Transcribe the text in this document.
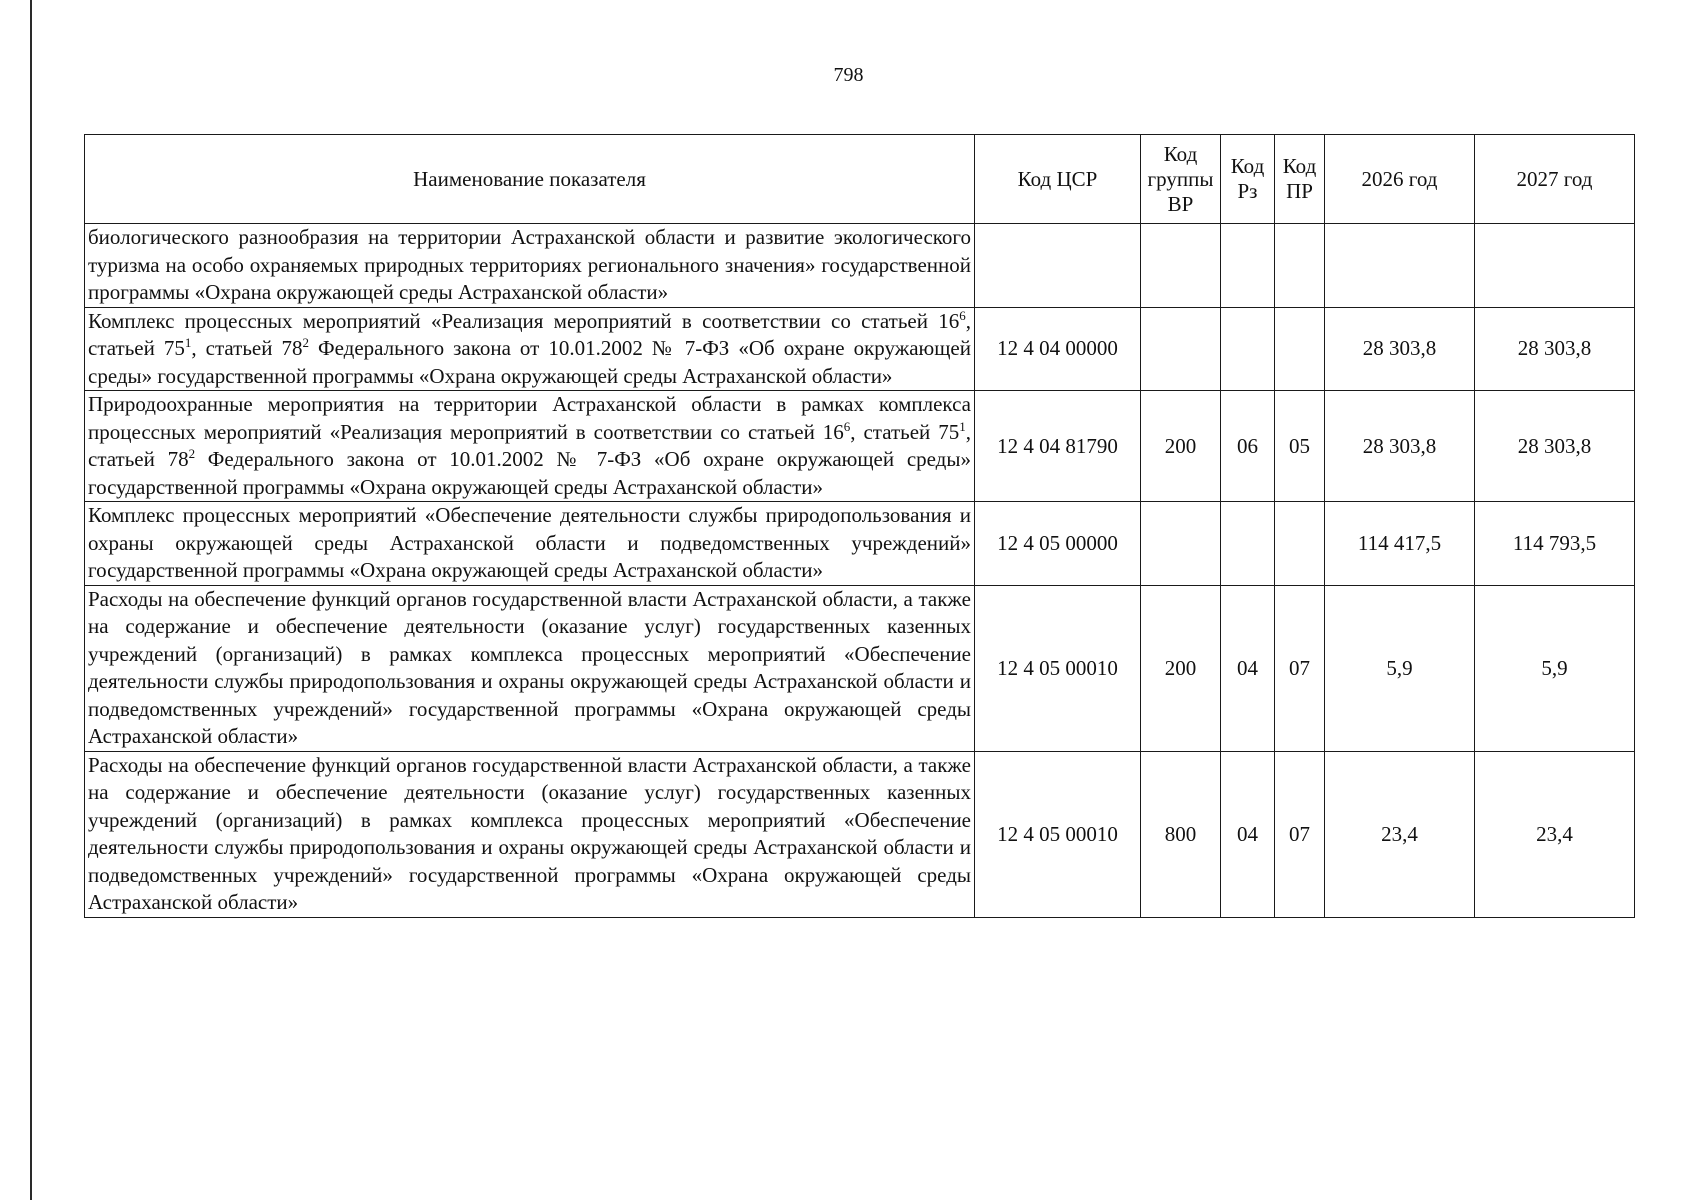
798
Наименование показателя	Код ЦСР	Код группы ВР	Код Рз	Код ПР	2026 год	2027 год
биологического разнообразия на территории Астраханской области и развитие экологического туризма на особо охраняемых природных территориях регионального значения» государственной программы «Охрана окружающей среды Астраханской области»						
Комплекс процессных мероприятий «Реализация мероприятий в соответствии со статьей $16^6$, статьей $75^1$, статьей $78^2$ Федерального закона от 10.01.2002 № 7-ФЗ «Об охране окружающей среды» государственной программы «Охрана окружающей среды Астраханской области»	12 4 04 00000				28 303,8	28 303,8
Природоохранные мероприятия на территории Астраханской области в рамках комплекса процессных мероприятий «Реализация мероприятий в соответствии со статьей $16^6$, статьей $75^1$, статьей $78^2$ Федерального закона от 10.01.2002 № 7-ФЗ «Об охране окружающей среды» государственной программы «Охрана окружающей среды Астраханской области»	12 4 04 81790	200	06	05	28 303,8	28 303,8
Комплекс процессных мероприятий «Обеспечение деятельности службы природопользования и охраны окружающей среды Астраханской области и подведомственных учреждений» государственной программы «Охрана окружающей среды Астраханской области»	12 4 05 00000				114 417,5	114 793,5
Расходы на обеспечение функций органов государственной власти Астраханской области, а также на содержание и обеспечение деятельности (оказание услуг) государственных казенных учреждений (организаций) в рамках комплекса процессных мероприятий «Обеспечение деятельности службы природопользования и охраны окружающей среды Астраханской области и подведомственных учреждений» государственной программы «Охрана окружающей среды Астраханской области»	12 4 05 00010	200	04	07	5,9	5,9
Расходы на обеспечение функций органов государственной власти Астраханской области, а также на содержание и обеспечение деятельности (оказание услуг) государственных казенных учреждений (организаций) в рамках комплекса процессных мероприятий «Обеспечение деятельности службы природопользования и охраны окружающей среды Астраханской области и подведомственных учреждений» государственной программы «Охрана окружающей среды Астраханской области»	12 4 05 00010	800	04	07	23,4	23,4
